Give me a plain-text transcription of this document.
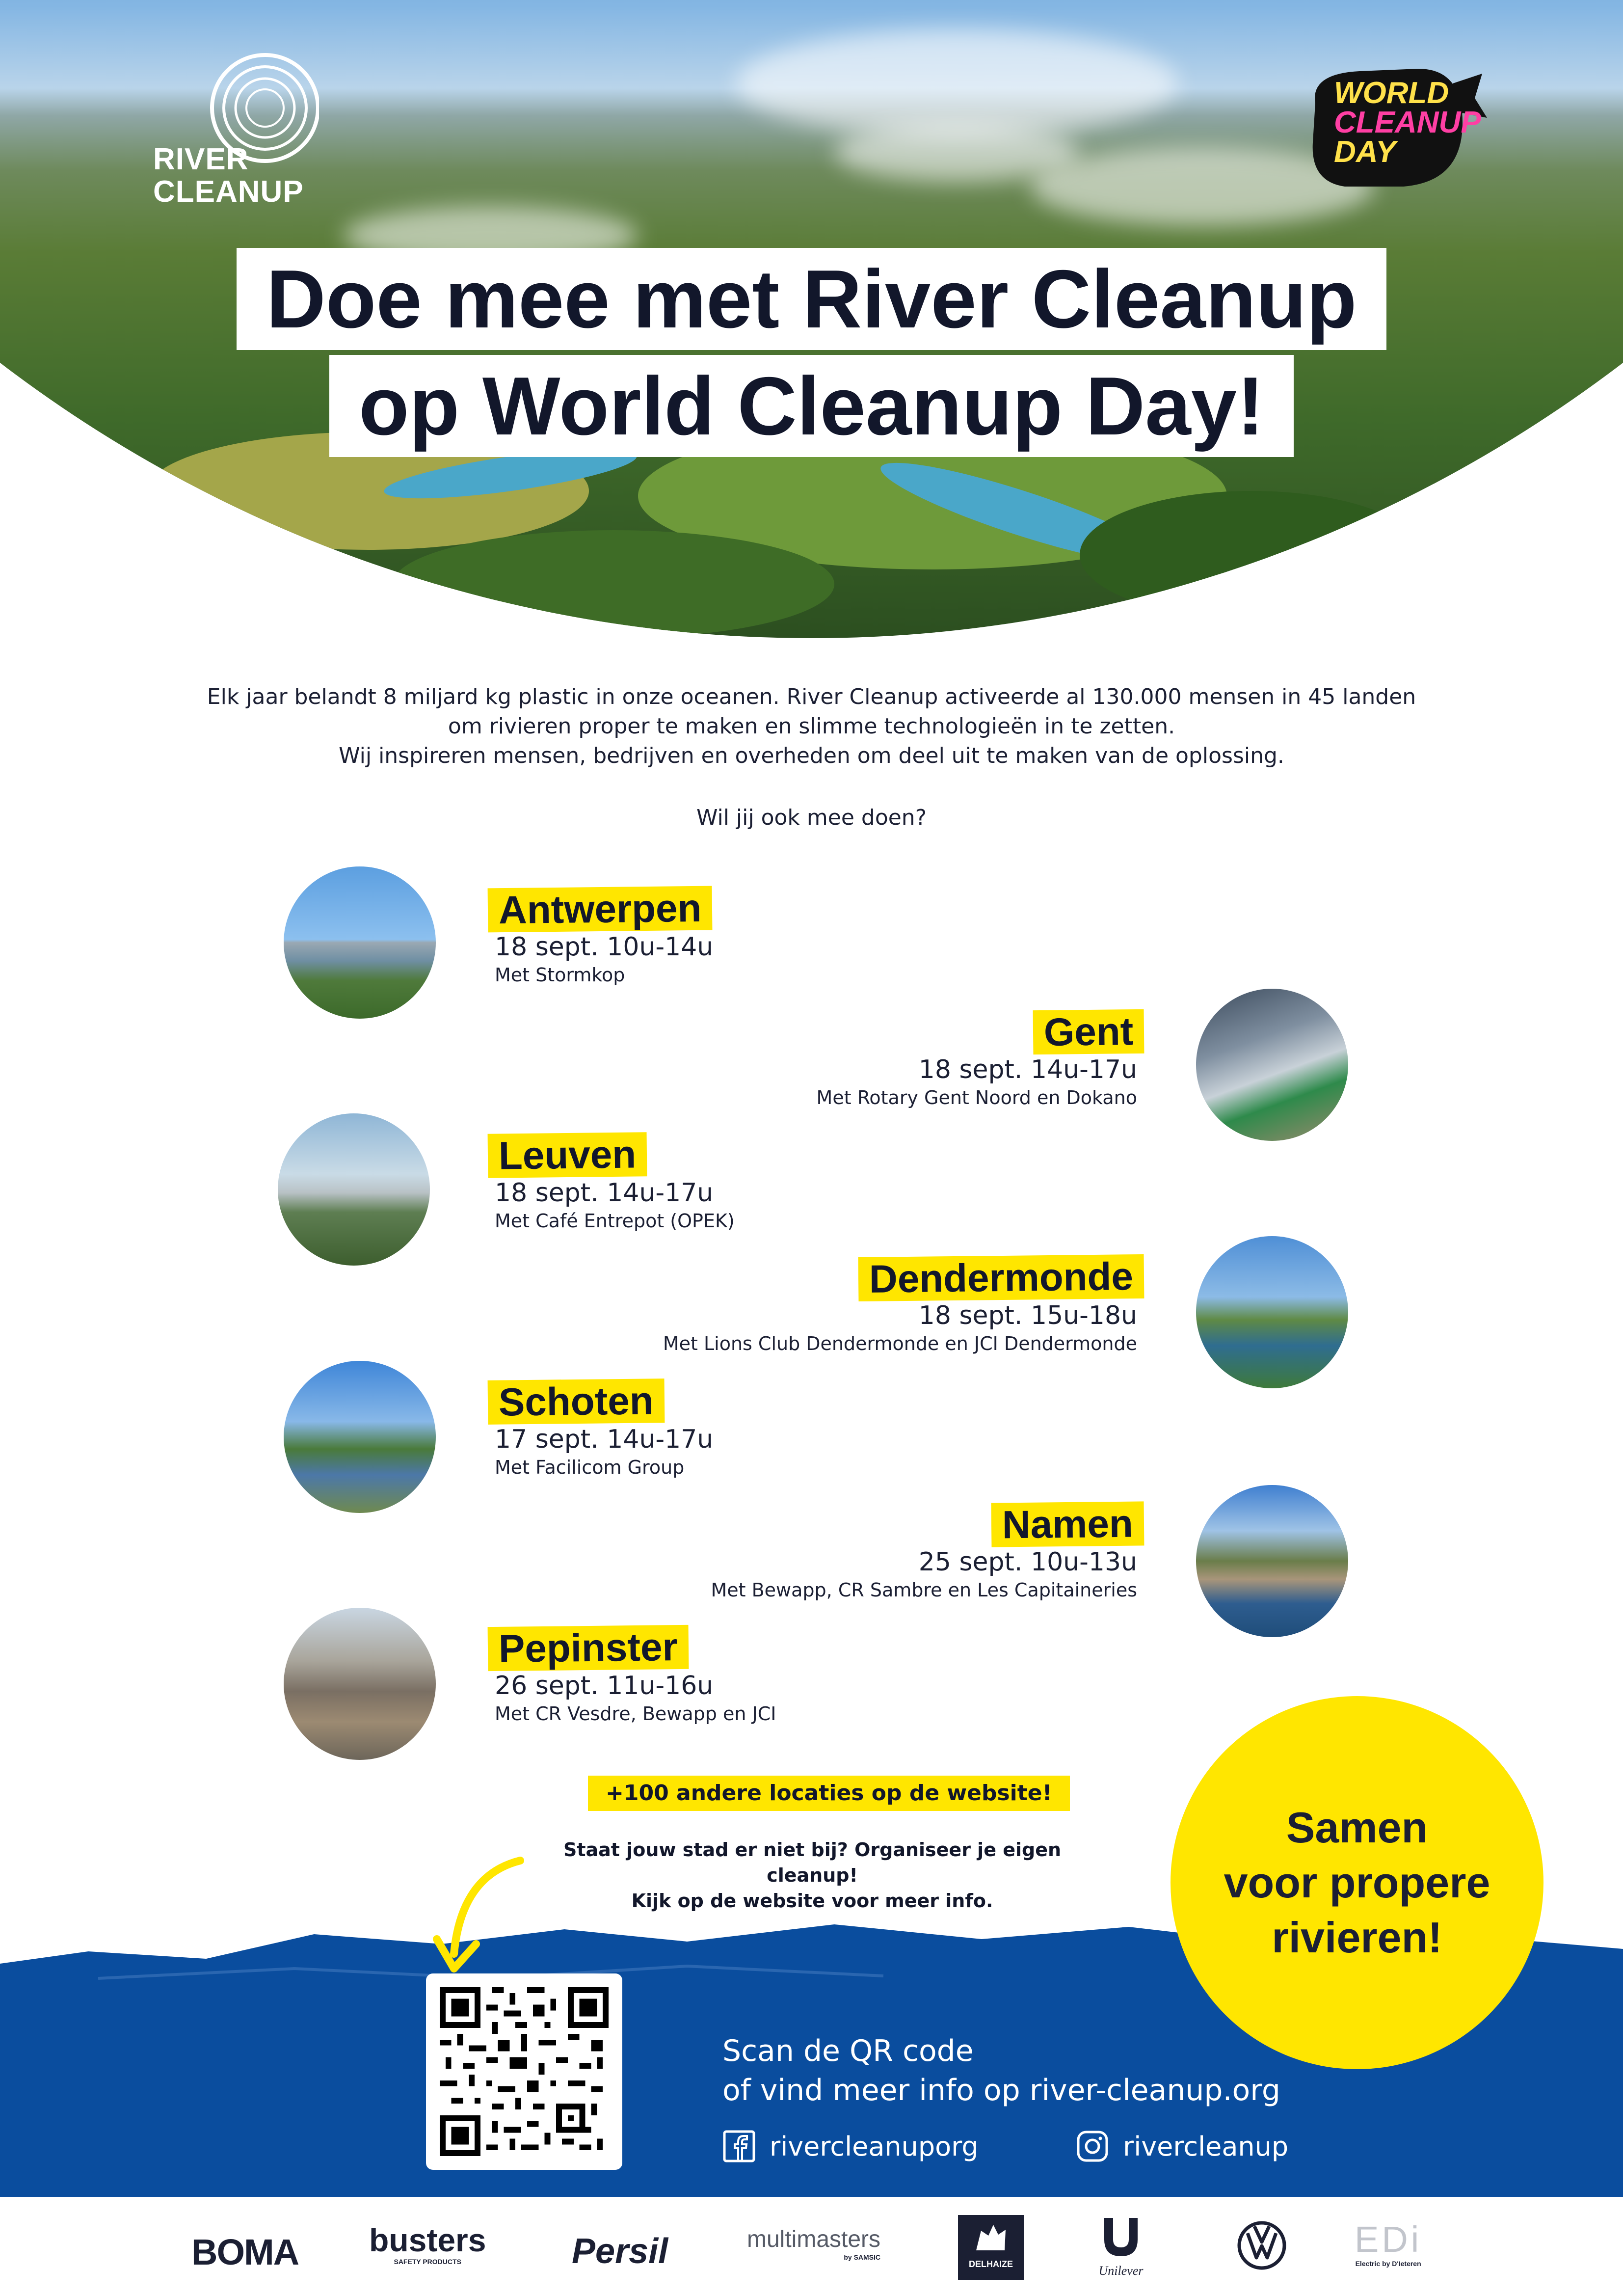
RIVER
CLEANUP
WORLD
CLEANUP
DAY
Doe mee met River Cleanup
op World Cleanup Day!

Elk jaar belandt 8 miljard kg plastic in onze oceanen. River Cleanup activeerde al 130.000 mensen in 45 landen

om rivieren proper te maken en slimme technologieën in te zetten.

Wij inspireren mensen, bedrijven en overheden om deel uit te maken van de oplossing.

Wil jij ook mee doen?
Antwerpen
18 sept. 10u-14u
Met Stormkop
Gent
18 sept. 14u-17u
Met Rotary Gent Noord en Dokano
Leuven
18 sept. 14u-17u
Met Café Entrepot (OPEK)
Dendermonde
18 sept. 15u-18u
Met Lions Club Dendermonde en JCI Dendermonde
Schoten
17 sept. 14u-17u
Met Facilicom Group
Namen
25 sept. 10u-13u
Met Bewapp, CR Sambre en Les Capitaineries
Pepinster
26 sept. 11u-16u
Met CR Vesdre, Bewapp en JCI
+100 andere locaties op de website!

Staat jouw stad er niet bij? Organiseer je eigen cleanup!

Kijk op de website voor meer info.

Scan de QR code

of vind meer info op river-cleanup.org

rivercleanuporg	rivercleanup
Samen
voor propere
rivieren!
BOMA busters
SAFETY PRODUCTS	Persil	multimasters
by SAMSIC
DELHAIZE	Unilever
EDi
Electric by D'Ieteren
